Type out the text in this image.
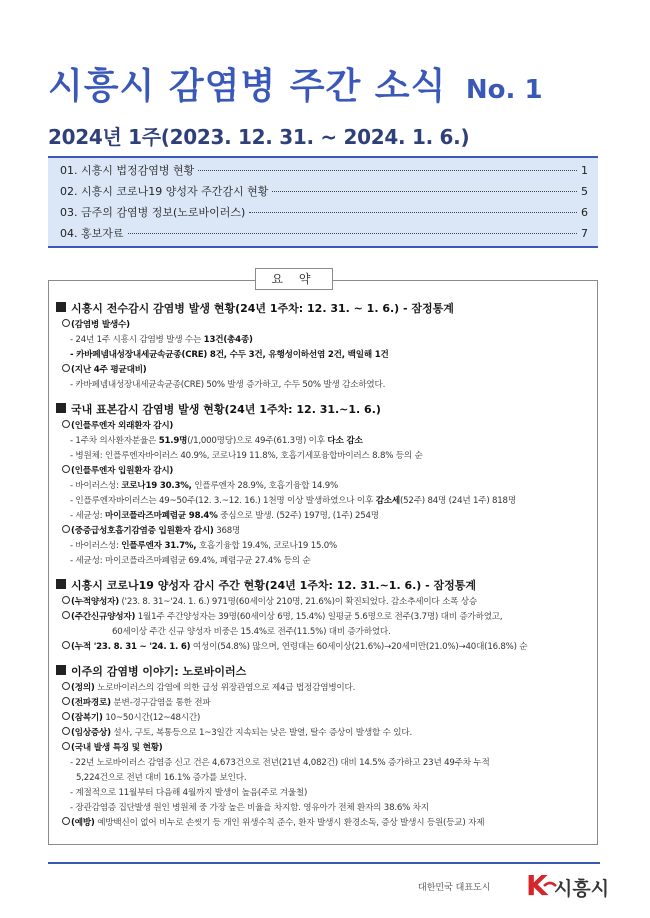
시흥시 감염병 주간 소식 No. 1
2024년 1주(2023. 12. 31. ~ 2024. 1. 6.)
01. 시흥시 법정감염병 현황	1
02. 시흥시 코로나19 양성자 주간감시 현황	5
03. 금주의 감염병 정보(노로바이러스)	6
04. 홍보자료	7
요 약
시흥시 전수감시 감염병 발생 현황(24년 1주차: 12. 31. ~ 1. 6.) - 잠정통계
(감염병 발생수)
- 24년 1주 시흥시 감염병 발생 수는 13건(총4종)
- 카바페넴내성장내세균속균종(CRE) 8건, 수두 3건, 유행성이하선염 2건, 백일해 1건
(지난 4주 평균대비)
- 카바페넴내성장내세균속균종(CRE) 50% 발생 증가하고, 수두 50% 발생 감소하였다.
국내 표본감시 감염병 발생 현황(24년 1주차: 12. 31.~1. 6.)
(인플루엔자 외래환자 감시)
- 1주차 의사환자분율은 51.9명(/1,000명당)으로 49주(61.3명) 이후 다소 감소
- 병원체: 인플루엔자바이러스 40.9%, 코로나19 11.8%, 호흡기세포융합바이러스 8.8% 등의 순
(인플루엔자 입원환자 감시)
- 바이러스성: 코로나19 30.3%, 인플루엔자 28.9%, 호흡기융합 14.9%
- 인플루엔자바이러스는 49~50주(12. 3.~12. 16.) 1천명 이상 발생하였으나 이후 감소세(52주) 84명 (24년 1주) 818명
- 세균성: 마이코플라즈마폐렴균 98.4% 중심으로 발생. (52주) 197명, (1주) 254명
(중증급성호흡기감염증 입원환자 감시) 368명
- 바이러스성: 인플루엔자 31.7%, 호흡기융합 19.4%, 코로나19 15.0%
- 세균성: 마이코플라즈마폐렴균 69.4%, 폐렴구균 27.4% 등의 순
시흥시 코로나19 양성자 감시 주간 현황(24년 1주차: 12. 31.~1. 6.) - 잠정통계
(누적양성자) ('23. 8. 31~'24. 1. 6.) 971명(60세이상 210명, 21.6%)이 확진되었다. 감소추세이다 소폭 상승
(주간신규양성자) 1월1주 주간양성자는 39명(60세이상 6명, 15.4%) 일평균 5.6명으로 전주(3.7명) 대비 증가하였고,
60세이상 주간 신규 양성자 비중은 15.4%로 전주(11.5%) 대비 증가하였다.
(누적 '23. 8. 31 ~ '24. 1. 6) 여성이(54.8%) 많으며, 연령대는 60세이상(21.6%)→20세미만(21.0%)→40대(16.8%) 순
이주의 감염병 이야기: 노로바이러스
(정의) 노로바이러스의 감염에 의한 급성 위장관염으로 제4급 법정감염병이다.
(전파경로) 분변-경구감염을 통한 전파
(잠복기) 10~50시간(12~48시간)
(임상증상) 설사, 구토, 복통등으로 1~3일간 지속되는 낮은 발열, 탈수 증상이 발생할 수 있다.
(국내 발생 특징 및 현황)
- 22년 노로바이러스 감염증 신고 건은 4,673건으로 전년(21년 4,082건) 대비 14.5% 증가하고 23년 49주차 누적
5,224건으로 전년 대비 16.1% 증가를 보인다.
- 계절적으로 11월부터 다음해 4월까지 발생이 높음(주로 겨울철)
- 장관감염증 집단발생 원인 병원체 중 가장 높은 비율을 차지함. 영유아가 전체 환자의 38.6% 차지
(예방) 예방백신이 없어 비누로 손씻기 등 개인 위생수칙 준수, 환자 발생시 환경소독, 증상 발생시 등원(등교) 자제
대한민국 대표도시 K 시흥시
